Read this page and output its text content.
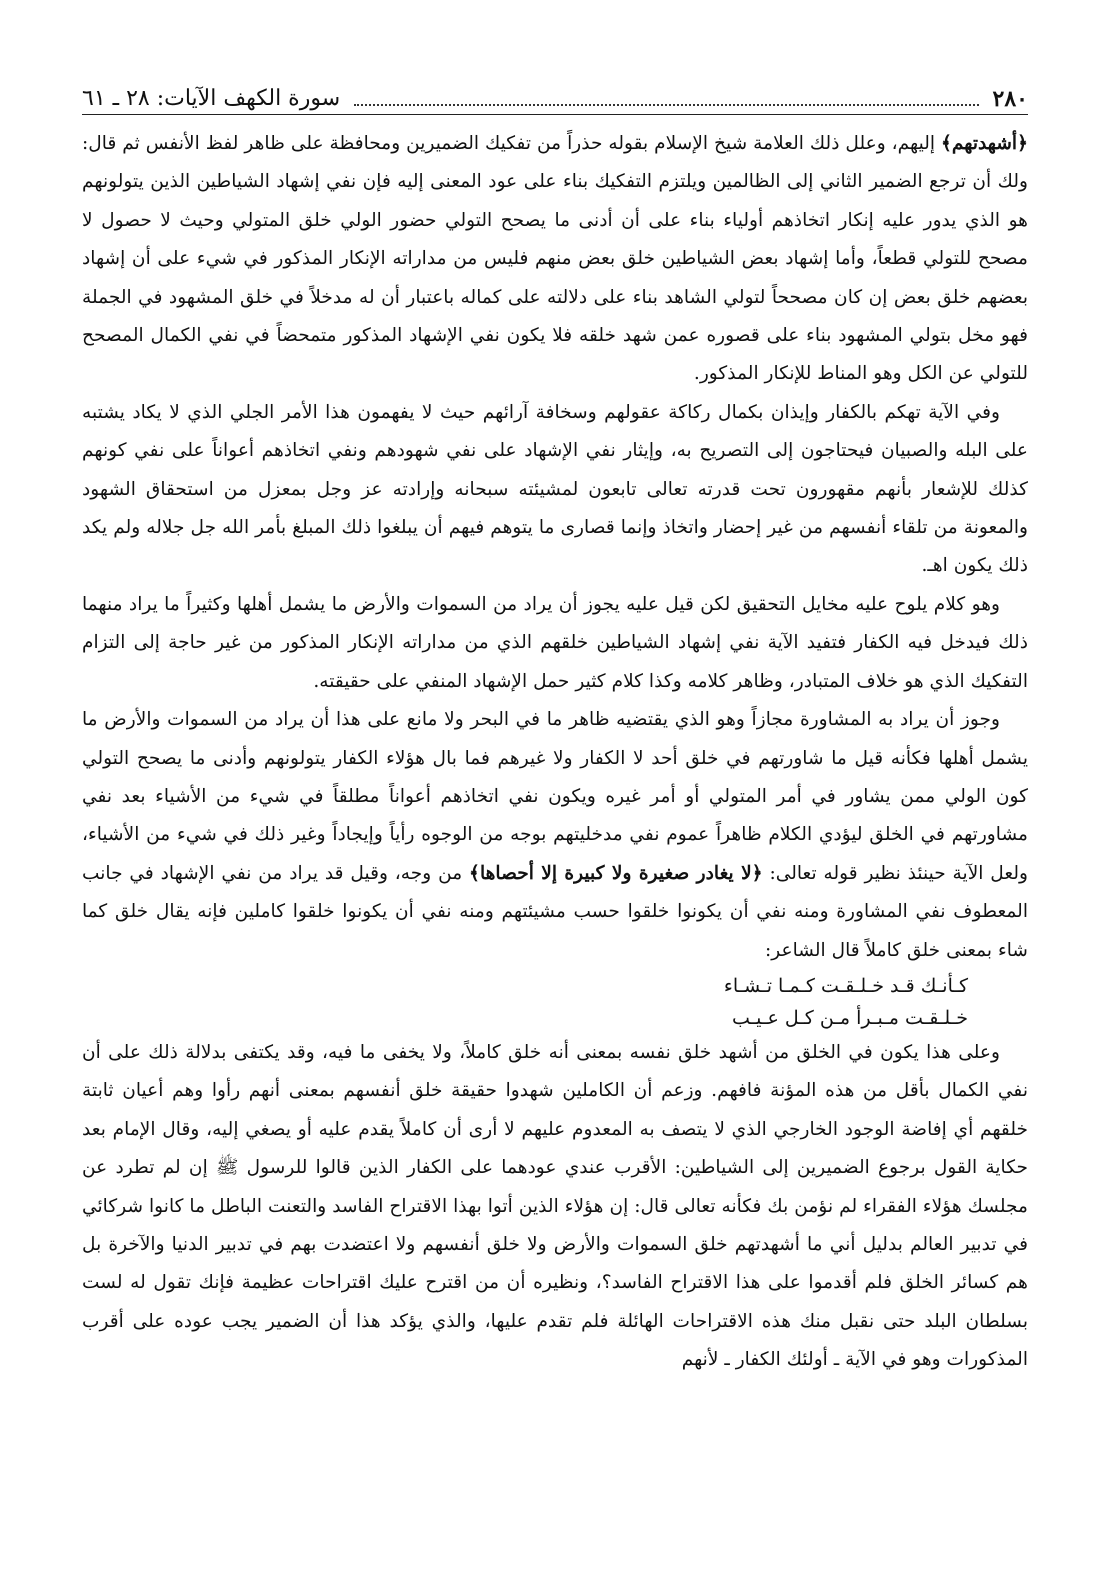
٢٨٠
سورة الكهف الآيات: ٢٨ ـ ٦١

﴿أشهدتهم﴾ إليهم، وعلل ذلك العلامة شيخ الإسلام بقوله حذراً من تفكيك الضميرين ومحافظة على ظاهر لفظ الأنفس ثم قال: ولك أن ترجع الضمير الثاني إلى الظالمين ويلتزم التفكيك بناء على عود المعنى إليه فإن نفي إشهاد الشياطين الذين يتولونهم هو الذي يدور عليه إنكار اتخاذهم أولياء بناء على أن أدنى ما يصحح التولي حضور الولي خلق المتولي وحيث لا حصول لا مصحح للتولي قطعاً، وأما إشهاد بعض الشياطين خلق بعض منهم فليس من مداراته الإنكار المذكور في شيء على أن إشهاد بعضهم خلق بعض إن كان مصححاً لتولي الشاهد بناء على دلالته على كماله باعتبار أن له مدخلاً في خلق المشهود في الجملة فهو مخل بتولي المشهود بناء على قصوره عمن شهد خلقه فلا يكون نفي الإشهاد المذكور متمحضاً في نفي الكمال المصحح للتولي عن الكل وهو المناط للإنكار المذكور.

وفي الآية تهكم بالكفار وإيذان بكمال ركاكة عقولهم وسخافة آرائهم حيث لا يفهمون هذا الأمر الجلي الذي لا يكاد يشتبه على البله والصبيان فيحتاجون إلى التصريح به، وإيثار نفي الإشهاد على نفي شهودهم ونفي اتخاذهم أعواناً على نفي كونهم كذلك للإشعار بأنهم مقهورون تحت قدرته تعالى تابعون لمشيئته سبحانه وإرادته عز وجل بمعزل من استحقاق الشهود والمعونة من تلقاء أنفسهم من غير إحضار واتخاذ وإنما قصارى ما يتوهم فيهم أن يبلغوا ذلك المبلغ بأمر الله جل جلاله ولم يكد ذلك يكون اهـ.

وهو كلام يلوح عليه مخايل التحقيق لكن قيل عليه يجوز أن يراد من السموات والأرض ما يشمل أهلها وكثيراً ما يراد منهما ذلك فيدخل فيه الكفار فتفيد الآية نفي إشهاد الشياطين خلقهم الذي من مداراته الإنكار المذكور من غير حاجة إلى التزام التفكيك الذي هو خلاف المتبادر، وظاهر كلامه وكذا كلام كثير حمل الإشهاد المنفي على حقيقته.

وجوز أن يراد به المشاورة مجازاً وهو الذي يقتضيه ظاهر ما في البحر ولا مانع على هذا أن يراد من السموات والأرض ما يشمل أهلها فكأنه قيل ما شاورتهم في خلق أحد لا الكفار ولا غيرهم فما بال هؤلاء الكفار يتولونهم وأدنى ما يصحح التولي كون الولي ممن يشاور في أمر المتولي أو أمر غيره ويكون نفي اتخاذهم أعواناً مطلقاً في شيء من الأشياء بعد نفي مشاورتهم في الخلق ليؤدي الكلام ظاهراً عموم نفي مدخليتهم بوجه من الوجوه رأياً وإيجاداً وغير ذلك في شيء من الأشياء، ولعل الآية حينئذ نظير قوله تعالى: ﴿لا يغادر صغيرة ولا كبيرة إلا أحصاها﴾ من وجه، وقيل قد يراد من نفي الإشهاد في جانب المعطوف نفي المشاورة ومنه نفي أن يكونوا خلقوا حسب مشيئتهم ومنه نفي أن يكونوا خلقوا كاملين فإنه يقال خلق كما شاء بمعنى خلق كاملاً قال الشاعر:

كـأنـك قـد خـلـقـت كـمـا تـشـاء
خـلـقـت مـبـرأ مـن كـل عـيـب

وعلى هذا يكون في الخلق من أشهد خلق نفسه بمعنى أنه خلق كاملاً، ولا يخفى ما فيه، وقد يكتفى بدلالة ذلك على أن نفي الكمال بأقل من هذه المؤنة فافهم. وزعم أن الكاملين شهدوا حقيقة خلق أنفسهم بمعنى أنهم رأوا وهم أعيان ثابتة خلقهم أي إفاضة الوجود الخارجي الذي لا يتصف به المعدوم عليهم لا أرى أن كاملاً يقدم عليه أو يصغي إليه، وقال الإمام بعد حكاية القول برجوع الضميرين إلى الشياطين: الأقرب عندي عودهما على الكفار الذين قالوا للرسول ﷺ إن لم تطرد عن مجلسك هؤلاء الفقراء لم نؤمن بك فكأنه تعالى قال: إن هؤلاء الذين أتوا بهذا الاقتراح الفاسد والتعنت الباطل ما كانوا شركائي في تدبير العالم بدليل أني ما أشهدتهم خلق السموات والأرض ولا خلق أنفسهم ولا اعتضدت بهم في تدبير الدنيا والآخرة بل هم كسائر الخلق فلم أقدموا على هذا الاقتراح الفاسد؟، ونظيره أن من اقترح عليك اقتراحات عظيمة فإنك تقول له لست بسلطان البلد حتى نقبل منك هذه الاقتراحات الهائلة فلم تقدم عليها، والذي يؤكد هذا أن الضمير يجب عوده على أقرب المذكورات وهو في الآية ـ أولئك الكفار ـ لأنهم
